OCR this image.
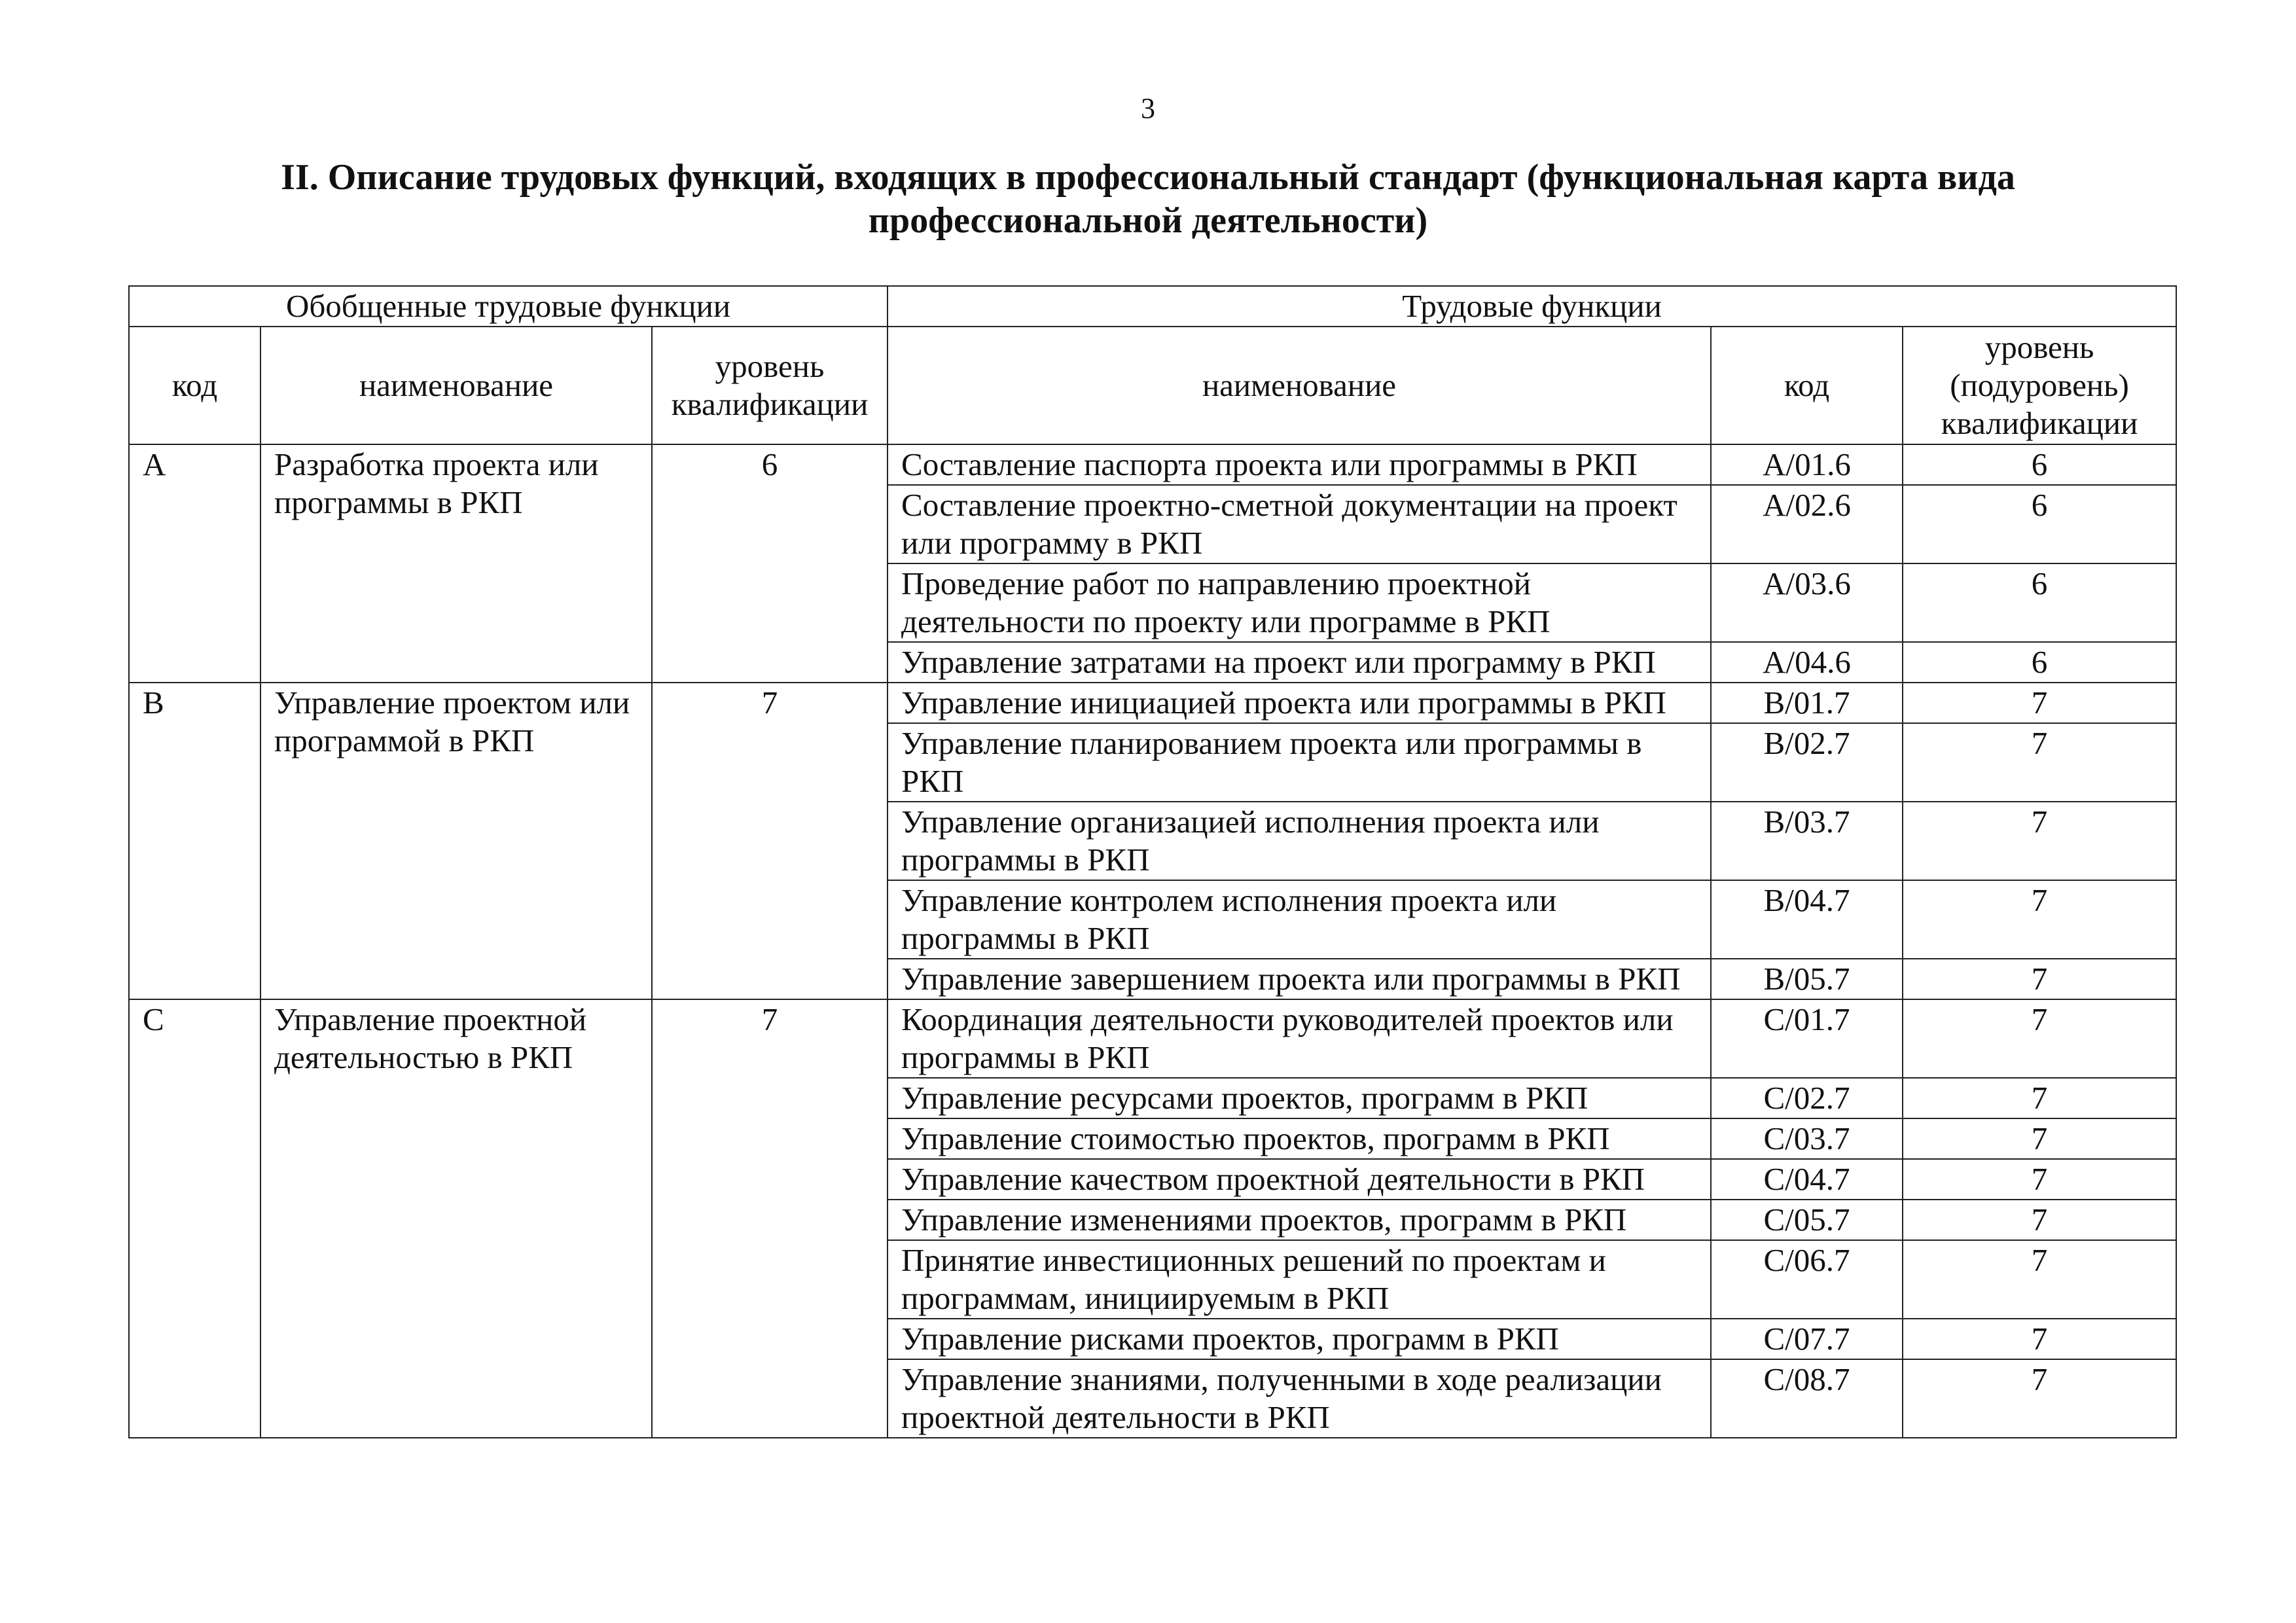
3
II. Описание трудовых функций, входящих в профессиональный стандарт (функциональная карта вида профессиональной деятельности)
Обобщенные трудовые функции			Трудовые функции		
код	наименование	уровень квалификации	наименование	код	уровень (подуровень) квалификации
A	Разработка проекта или программы в РКП	6	Составление паспорта проекта или программы в РКП	A/01.6	6
			Составление проектно-сметной документации на проект или программу в РКП	A/02.6	6
			Проведение работ по направлению проектной деятельности по проекту или программе в РКП	A/03.6	6
			Управление затратами на проект или программу в РКП	A/04.6	6
B	Управление проектом или программой в РКП	7	Управление инициацией проекта или программы в РКП	B/01.7	7
			Управление планированием проекта или программы в РКП	B/02.7	7
			Управление организацией исполнения проекта или программы в РКП	B/03.7	7
			Управление контролем исполнения проекта или программы в РКП	B/04.7	7
			Управление завершением проекта или программы в РКП	B/05.7	7
C	Управление проектной деятельностью в РКП	7	Координация деятельности руководителей проектов или программы в РКП	C/01.7	7
			Управление ресурсами проектов, программ в РКП	C/02.7	7
			Управление стоимостью проектов, программ в РКП	C/03.7	7
			Управление качеством проектной деятельности в РКП	C/04.7	7
			Управление изменениями проектов, программ в РКП	C/05.7	7
			Принятие инвестиционных решений по проектам и программам, инициируемым в РКП	C/06.7	7
			Управление рисками проектов, программ в РКП	C/07.7	7
			Управление знаниями, полученными в ходе реализации проектной деятельности в РКП	C/08.7	7
